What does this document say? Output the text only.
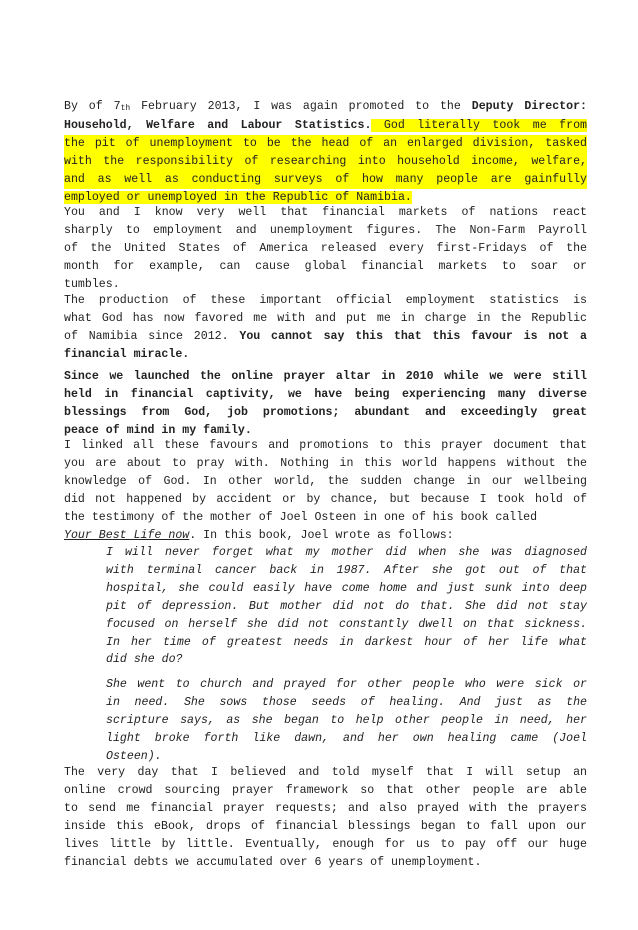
By of $7_{th}$ February 2013, I was again promoted to the Deputy Director:
Household, Welfare and Labour Statistics. God literally took me from
the pit of unemployment to be the head of an enlarged division, tasked
with the responsibility of researching into household income, welfare,
and as well as conducting surveys of how many people are gainfully
employed or unemployed in the Republic of Namibia.
You and I know very well that financial markets of nations react
sharply to employment and unemployment figures. The Non-Farm Payroll
of the United States of America released every first-Fridays of the
month for example, can cause global financial markets to soar or
tumbles.
The production of these important official employment statistics is
what God has now favored me with and put me in charge in the Republic
of Namibia since 2012. You cannot say this that this favour is not a
financial miracle.
Since we launched the online prayer altar in 2010 while we were still
held in financial captivity, we have being experiencing many diverse
blessings from God, job promotions; abundant and exceedingly great
peace of mind in my family.
I linked all these favours and promotions to this prayer document that
you are about to pray with. Nothing in this world happens without the
knowledge of God. In other world, the sudden change in our wellbeing
did not happened by accident or by chance, but because I took hold of
the testimony of the mother of Joel Osteen in one of his book called
Your Best Life now. In this book, Joel wrote as follows:
I will never forget what my mother did when she was diagnosed
with terminal cancer back in 1987. After she got out of that
hospital, she could easily have come home and just sunk into deep
pit of depression. But mother did not do that. She did not stay
focused on herself she did not constantly dwell on that sickness.
In her time of greatest needs in darkest hour of her life what
did she do?
She went to church and prayed for other people who were sick or
in need. She sows those seeds of healing. And just as the
scripture says, as she began to help other people in need, her
light broke forth like dawn, and her own healing came (Joel
Osteen).
The very day that I believed and told myself that I will setup an
online crowd sourcing prayer framework so that other people are able
to send me financial prayer requests; and also prayed with the prayers
inside this eBook, drops of financial blessings began to fall upon our
lives little by little. Eventually, enough for us to pay off our huge
financial debts we accumulated over 6 years of unemployment.
